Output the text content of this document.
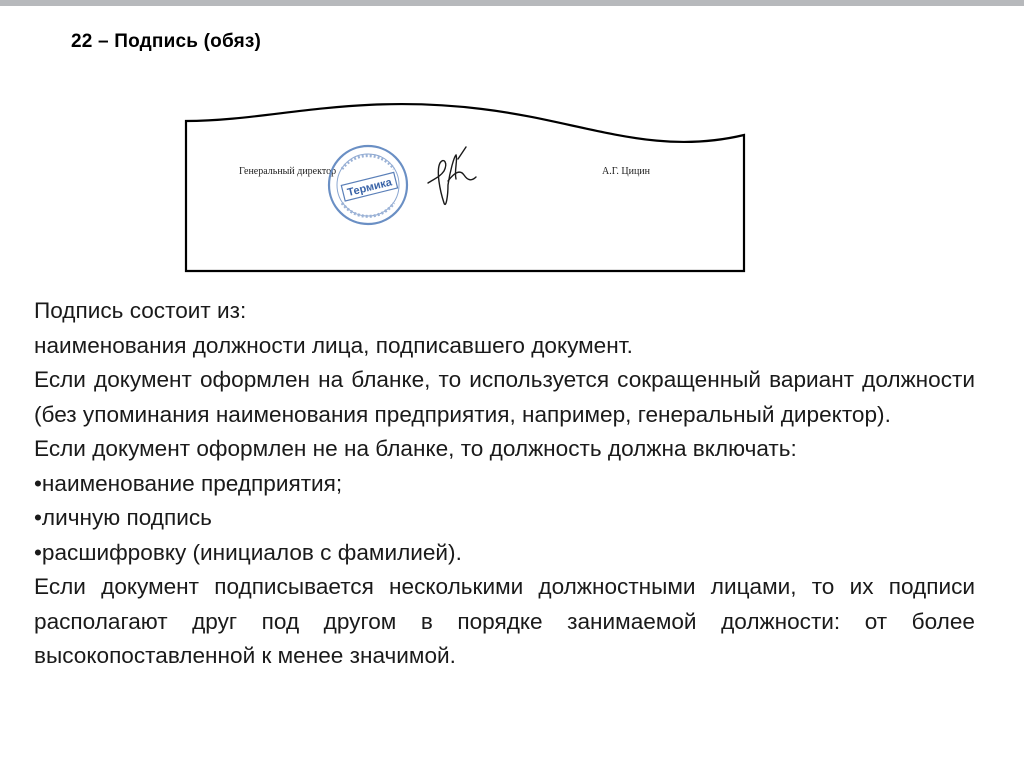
22 – Подпись (обяз)
Генеральный директор
Термика
А.Г. Цицин

Подпись состоит из:

наименования должности лица, подписавшего документ.

Если документ оформлен на бланке, то используется сокращенный вариант должности (без упоминания наименования предприятия, например, генеральный директор).

Если документ оформлен не на бланке, то должность должна включать:

• наименование предприятия;
• личную подпись
• расшифровку (инициалов с фамилией).

Если документ подписывается несколькими должностными лицами, то их подписи располагают друг под другом в порядке занимаемой должности: от более высокопоставленной к менее значимой.
